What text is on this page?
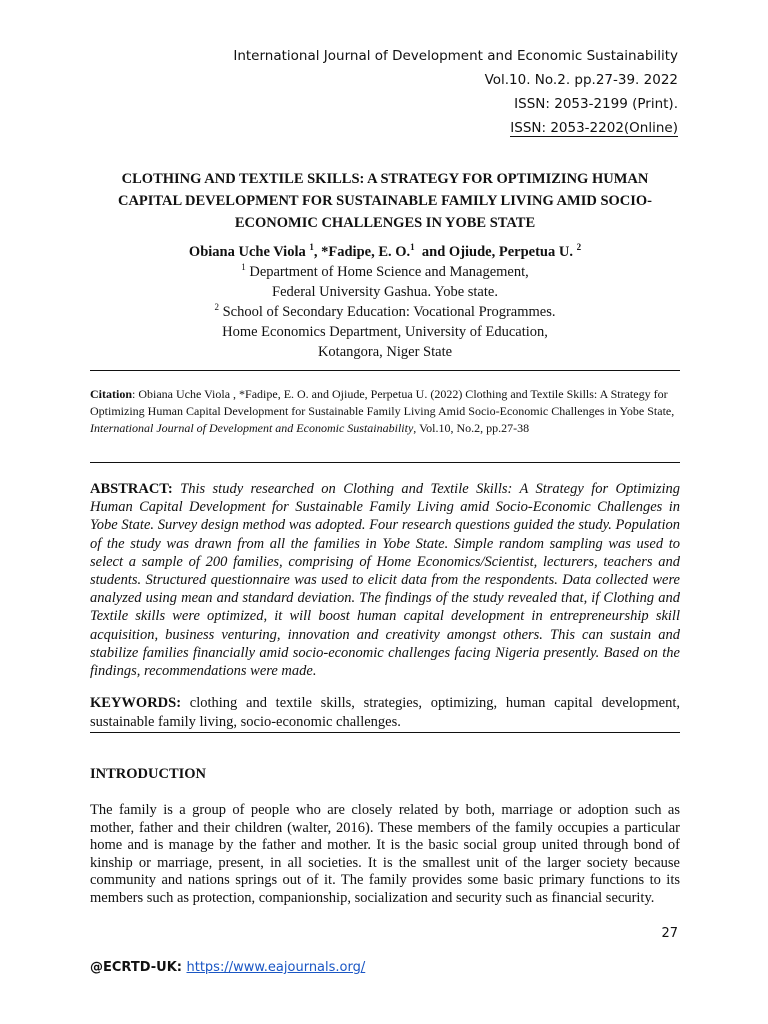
International Journal of Development and Economic Sustainability
Vol.10. No.2. pp.27-39. 2022
ISSN: 2053-2199 (Print).
ISSN: 2053-2202(Online)
CLOTHING AND TEXTILE SKILLS: A STRATEGY FOR OPTIMIZING HUMAN
CAPITAL DEVELOPMENT FOR SUSTAINABLE FAMILY LIVING AMID SOCIO-
ECONOMIC CHALLENGES IN YOBE STATE
Obiana Uche Viola $^1$, *Fadipe, E. O.$^1$  and Ojiude, Perpetua U. $^2$
$^1$ Department of Home Science and Management,
Federal University Gashua. Yobe state.
$^2$ School of Secondary Education: Vocational Programmes.
Home Economics Department, University of Education,
Kotangora, Niger State
Citation: Obiana Uche Viola , *Fadipe, E. O. and Ojiude, Perpetua U. (2022) Clothing and Textile Skills: A Strategy for Optimizing Human Capital Development for Sustainable Family Living Amid Socio-Economic Challenges in Yobe State, International Journal of Development and Economic Sustainability, Vol.10, No.2, pp.27-38
ABSTRACT: This study researched on Clothing and Textile Skills: A Strategy for Optimizing Human Capital Development for Sustainable Family Living amid Socio-Economic Challenges in Yobe State. Survey design method was adopted. Four research questions guided the study. Population of the study was drawn from all the families in Yobe State. Simple random sampling was used to select a sample of 200 families, comprising of Home Economics/Scientist, lecturers, teachers and students. Structured questionnaire was used to elicit data from the respondents. Data collected were analyzed using mean and standard deviation. The findings of the study revealed that, if Clothing and Textile skills were optimized, it will boost human capital development in entrepreneurship skill acquisition, business venturing, innovation and creativity amongst others. This can sustain and stabilize families financially amid socio-economic challenges facing Nigeria presently. Based on the findings, recommendations were made.
KEYWORDS: clothing and textile skills, strategies, optimizing, human capital development, sustainable family living, socio-economic challenges.
INTRODUCTION
The family is a group of people who are closely related by both, marriage or adoption such as mother, father and their children (walter, 2016). These members of the family occupies a particular home and is manage by the father and mother. It is the basic social group united through bond of kinship or marriage, present, in all societies. It is the smallest unit of the larger society because community and nations springs out of it. The family provides some basic primary functions to its members such as protection, companionship, socialization and security such as financial security.
27
@ECRTD-UK: https://www.eajournals.org/
